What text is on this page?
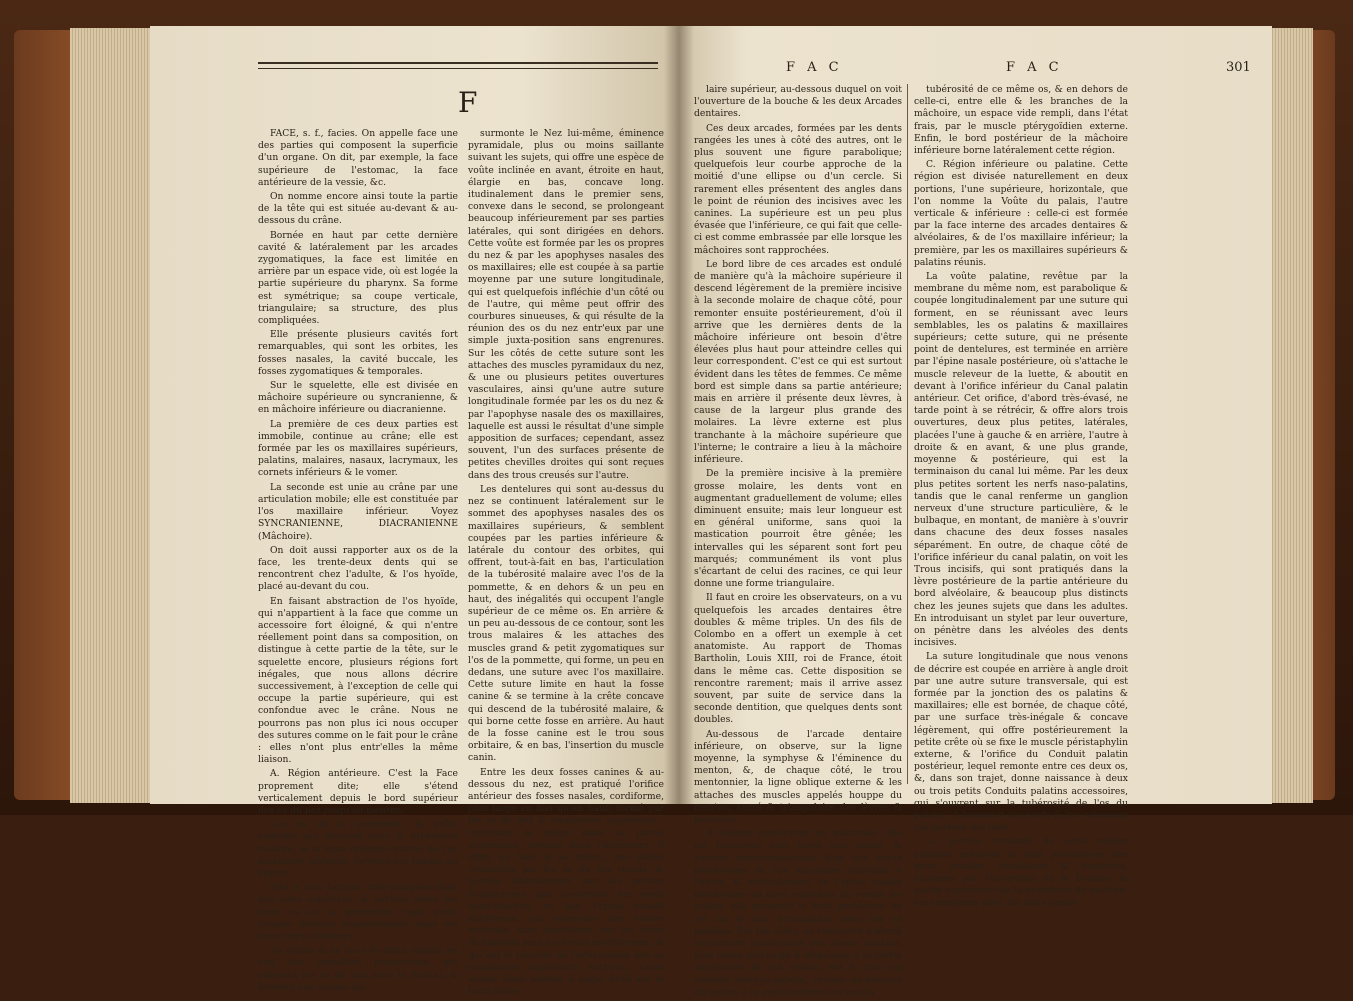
F

FACE, s. f., facies. On appelle face une des parties qui composent la superficie d'un organe. On dit, par exemple, la face supérieure de l'estomac, la face antérieure de la vessie, &c.

On nomme encore ainsi toute la partie de la tête qui est située au-devant & au-dessous du crâne.

Bornée en haut par cette dernière cavité & latéralement par les arcades zygomatiques, la face est limitée en arrière par un espace vide, où est logée la partie supérieure du pharynx. Sa forme est symétrique; sa coupe verticale, triangulaire; sa structure, des plus compliquées.

Elle présente plusieurs cavités fort remarquables, qui sont les orbites, les fosses nasales, la cavité buccale, les fosses zygomatiques & temporales.

Sur le squelette, elle est divisée en mâchoire supérieure ou syncranienne, & en mâchoire inférieure ou diacranienne.

La première de ces deux parties est immobile, continue au crâne; elle est formée par les os maxillaires supérieurs, palatins, malaires, nasaux, lacrymaux, les cornets inférieurs & le vomer.

La seconde est unie au crâne par une articulation mobile; elle est constituée par l'os maxillaire inférieur. Voyez SYNCRANIENNE, DIACRANIENNE (Mâchoire).

On doit aussi rapporter aux os de la face, les trente-deux dents qui se rencontrent chez l'adulte, & l'os hyoïde, placé au-devant du cou.

En faisant abstraction de l'os hyoïde, qui n'appartient à la face que comme un accessoire fort éloigné, & qui n'entre réellement point dans sa composition, on distingue à cette partie de la tête, sur le squelette encore, plusieurs régions fort inégales, que nous allons décrire successivement, à l'exception de celle qui occupe la partie supérieure, qui est confondue avec le crâne. Nous ne pourrons pas non plus ici nous occuper des sutures comme on le fait pour le crâne : elles n'ont plus entr'elles la même liaison.

A. Région antérieure. C'est la Face proprement dite; elle s'étend verticalement depuis le bord supérieur des os du nez jusqu'au menton.

Les os de la pommette, la crête saillante qui descend sous la tubérosité malaire, & la ligne oblique externe de l'os maxillaire inférieur, forment ses limites au dehors.

Elle a une largeur très-marquée dans son tiers supérieur, & surtout entre les deux os de la pommette; mais cette largeur diminue graduellement dans ses deux tiers inférieurs.

Au milieu & en haut de cette région, on voit des inégalités prononcées, qui unissent les os du nez avec le frontal, & forment une suture qui

surmonte le Nez lui-même, éminence pyramidale, plus ou moins saillante suivant les sujets, qui offre une espèce de voûte inclinée en avant, étroite en haut, élargie en bas, concave long. itudinalement dans le premier sens, convexe dans le second, se prolongeant beaucoup inférieurement par ses parties latérales, qui sont dirigées en dehors. Cette voûte est formée par les os propres du nez & par les apophyses nasales des os maxillaires; elle est coupée à sa partie moyenne par une suture longitudinale, qui est quelquefois infléchie d'un côté ou de l'autre, qui même peut offrir des courbures sinueuses, & qui résulte de la réunion des os du nez entr'eux par une simple juxta-position sans engrenures. Sur les côtés de cette suture sont les attaches des muscles pyramidaux du nez, & une ou plusieurs petites ouvertures vasculaires, ainsi qu'une autre suture longitudinale formée par les os du nez & par l'apophyse nasale des os maxillaires, laquelle est aussi le résultat d'une simple apposition de surfaces; cependant, assez souvent, l'un des surfaces présente de petites chevilles droites qui sont reçues dans des trous creusés sur l'autre.

Les dentelures qui sont au-dessus du nez se continuent latéralement sur le sommet des apophyses nasales des os maxillaires supérieurs, & semblent coupées par les parties inférieure & latérale du contour des orbites, qui offrent, tout-à-fait en bas, l'articulation de la tubérosité malaire avec l'os de la pommette, & en dehors & un peu en haut, des inégalités qui occupent l'angle supérieur de ce même os. En arrière & un peu au-dessous de ce contour, sont les trous malaires & les attaches des muscles grand & petit zygomatiques sur l'os de la pommette, qui forme, un peu en dedans, une suture avec l'os maxillaire. Cette suture limite en haut la fosse canine & se termine à la crête concave qui descend de la tubérosité malaire, & qui borne cette fosse en arrière. Au haut de la fosse canine est le trou sous orbitaire, & en bas, l'insertion du muscle canin.

Entre les deux fosses canines & au-dessous du nez, est pratiqué l'orifice antérieur des fosses nasales, cordiforme, plus large en bas qu'en haut, formé par les os du nez & maxillaires supérieurs : tranchant & inégal dans sa partie supérieure, arrondi dans l'inférieure, il offre, en haut & au milieu, une saillie constituée par les os du nez réunis, & bornée latéralement par les petites échancrures que traversent les nerfs naso-lobaires; en bas, l'épine nasale antérieure, qui surmonte une suture verticale, sans dentelures, sur les côtés de laquelle sont les fosses myrtiformes, & qui est le résultat de l'articulation des os maxillaires supérieurs entr'eux. Cette suture vient tomber à angle droit sur le bord alvéo-

F A C	F A C	301

laire supérieur, au-dessous duquel on voit l'ouverture de la bouche & les deux Arcades dentaires.

Ces deux arcades, formées par les dents rangées les unes à côté des autres, ont le plus souvent une figure parabolique; quelquefois leur courbe approche de la moitié d'une ellipse ou d'un cercle. Si rarement elles présentent des angles dans le point de réunion des incisives avec les canines. La supérieure est un peu plus évasée que l'inférieure, ce qui fait que celle-ci est comme embrassée par elle lorsque les mâchoires sont rapprochées.

Le bord libre de ces arcades est ondulé de manière qu'à la mâchoire supérieure il descend légèrement de la première incisive à la seconde molaire de chaque côté, pour remonter ensuite postérieurement, d'où il arrive que les dernières dents de la mâchoire inférieure ont besoin d'être élevées plus haut pour atteindre celles qui leur correspondent. C'est ce qui est surtout évident dans les têtes de femmes. Ce même bord est simple dans sa partie antérieure; mais en arrière il présente deux lèvres, à cause de la largeur plus grande des molaires. La lèvre externe est plus tranchante à la mâchoire supérieure que l'interne; le contraire a lieu à la mâchoire inférieure.

De la première incisive à la première grosse molaire, les dents vont en augmentant graduellement de volume; elles diminuent ensuite; mais leur longueur est en général uniforme, sans quoi la mastication pourroit être gênée; les intervalles qui les séparent sont fort peu marqués; communément ils vont plus s'écartant de celui des racines, ce qui leur donne une forme triangulaire.

Il faut en croire les observateurs, on a vu quelquefois les arcades dentaires être doubles & même triples. Un des fils de Colombo en a offert un exemple à cet anatomiste. Au rapport de Thomas Bartholin, Louis XIII, roi de France, étoit dans le même cas. Cette disposition se rencontre rarement; mais il arrive assez souvent, par suite de service dans la seconde dentition, que quelques dents sont doubles.

Au-dessous de l'arcade dentaire inférieure, on observe, sur la ligne moyenne, la symphyse & l'éminence du menton, &, de chaque côté, le trou mentonnier, la ligne oblique externe & les attaches des muscles appelés houppe du menton, carré & triangulaire des lèvres & peaucier.

B. Région postérieure ou gutturale. Elle est beaucoup plus large que haute, & s'étend transversalement d'un des bords postérieurs de l'os maxillaire inférieur à l'autre, & verticalement de l'épine nasale postérieure au bord supérieur du vomer. Au milieu, elle présente le bord postérieur de cet os & son articulation avec les os palatins. Sur les côtés, on rencontre d'abord l'ouverture postérieure des fosses nasales, plus haute que large & elliptique; à la partie supérieure de cet orifice, est le trou ou conduit ptérygo-palatin, creusé au-dessous du palais; à la partie externe on voit la

tubérosité de ce même os, & en dehors de celle-ci, entre elle & les branches de la mâchoire, un espace vide rempli, dans l'état frais, par le muscle ptérygoïdien externe. Enfin, le bord postérieur de la mâchoire inférieure borne latéralement cette région.

C. Région inférieure ou palatine. Cette région est divisée naturellement en deux portions, l'une supérieure, horizontale, que l'on nomme la Voûte du palais, l'autre verticale & inférieure : celle-ci est formée par la face interne des arcades dentaires & alvéolaires, & de l'os maxillaire inférieur; la première, par les os maxillaires supérieurs & palatins réunis.

La voûte palatine, revêtue par la membrane du même nom, est parabolique & coupée longitudinalement par une suture qui forment, en se réunissant avec leurs semblables, les os palatins & maxillaires supérieurs; cette suture, qui ne présente point de dentelures, est terminée en arrière par l'épine nasale postérieure, où s'attache le muscle releveur de la luette, & aboutit en devant à l'orifice inférieur du Canal palatin antérieur. Cet orifice, d'abord très-évasé, ne tarde point à se rétrécir, & offre alors trois ouvertures, deux plus petites, latérales, placées l'une à gauche & en arrière, l'autre à droite & en avant, & une plus grande, moyenne & postérieure, qui est la terminaison du canal lui même. Par les deux plus petites sortent les nerfs naso-palatins, tandis que le canal renferme un ganglion nerveux d'une structure particulière, & le bulbaque, en montant, de manière à s'ouvrir dans chacune des deux fosses nasales séparément. En outre, de chaque côté de l'orifice inférieur du canal palatin, on voit les Trous incisifs, qui sont pratiqués dans la lèvre postérieure de la partie antérieure du bord alvéolaire, & beaucoup plus distincts chez les jeunes sujets que dans les adultes. En introduisant un stylet par leur ouverture, on pénètre dans les alvéoles des dents incisives.

La suture longitudinale que nous venons de décrire est coupée en arrière à angle droit par une autre suture transversale, qui est formée par la jonction des os palatins & maxillaires; elle est bornée, de chaque côté, par une surface très-inégale & concave légèrement, qui offre postérieurement la petite crête où se fixe le muscle péristaphylin externe, & l'orifice du Conduit palatin postérieur, lequel remonte entre ces deux os, &, dans son trajet, donne naissance à deux ou trois petits Conduits palatins accessoires, qui s'ouvrent sur la tubérosité de l'os du palais : il transmet les nerfs & les vaisseaux qui portent son nom.

La portion verticale de cette région palatine présente la face postérieure des deux arcades alvéolaires & dentaires, séparées par l'ouverture de la bouche; la partie supérieure de la symphyse du menton; les apophyses géni, les deux lignes
